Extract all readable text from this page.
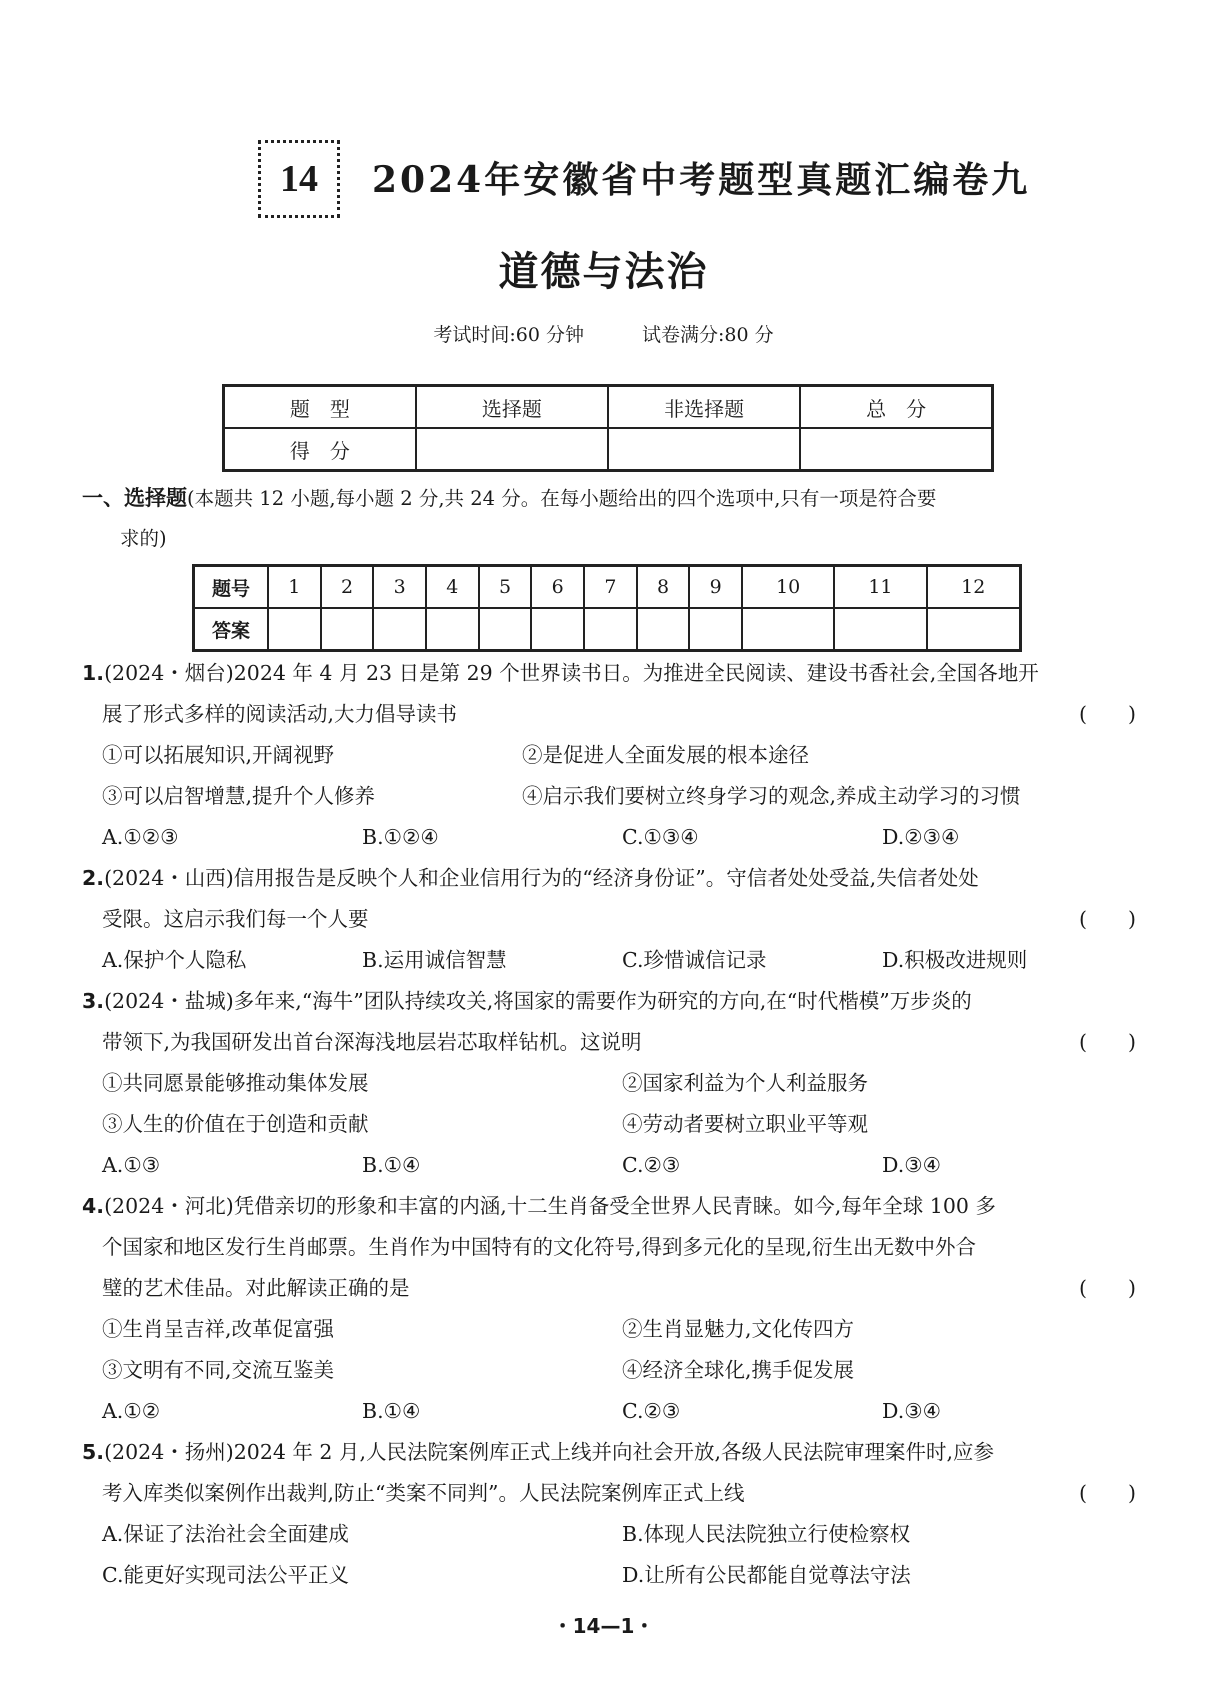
14	2024年安徽省中考题型真题汇编卷九
道德与法治
考试时间:60 分钟	试卷满分:80 分
题　型	选择题	非选择题	总　分
得　分			
一、选择题(本题共 12 小题,每小题 2 分,共 24 分。在每小题给出的四个选项中,只有一项是符合要
求的)
题号	1	2	3	4	5	6	7	8	9	10	11	12
答案												
1.(2024・烟台)2024 年 4 月 23 日是第 29 个世界读书日。为推进全民阅读、建设书香社会,全国各地开
展了形式多样的阅读活动,大力倡导读书	(　　)
①可以拓展知识,开阔视野	②是促进人全面发展的根本途径
③可以启智增慧,提升个人修养	④启示我们要树立终身学习的观念,养成主动学习的习惯
A.①②③	B.①②④	C.①③④	D.②③④
2.(2024・山西)信用报告是反映个人和企业信用行为的“经济身份证”。守信者处处受益,失信者处处
受限。这启示我们每一个人要	(　　)
A.保护个人隐私	B.运用诚信智慧	C.珍惜诚信记录	D.积极改进规则
3.(2024・盐城)多年来,“海牛”团队持续攻关,将国家的需要作为研究的方向,在“时代楷模”万步炎的
带领下,为我国研发出首台深海浅地层岩芯取样钻机。这说明	(　　)
①共同愿景能够推动集体发展	②国家利益为个人利益服务
③人生的价值在于创造和贡献	④劳动者要树立职业平等观
A.①③	B.①④	C.②③	D.③④
4.(2024・河北)凭借亲切的形象和丰富的内涵,十二生肖备受全世界人民青睐。如今,每年全球 100 多
个国家和地区发行生肖邮票。生肖作为中国特有的文化符号,得到多元化的呈现,衍生出无数中外合
璧的艺术佳品。对此解读正确的是	(　　)
①生肖呈吉祥,改革促富强	②生肖显魅力,文化传四方
③文明有不同,交流互鉴美	④经济全球化,携手促发展
A.①②	B.①④	C.②③	D.③④
5.(2024・扬州)2024 年 2 月,人民法院案例库正式上线并向社会开放,各级人民法院审理案件时,应参
考入库类似案例作出裁判,防止“类案不同判”。人民法院案例库正式上线	(　　)
A.保证了法治社会全面建成	B.体现人民法院独立行使检察权
C.能更好实现司法公平正义	D.让所有公民都能自觉尊法守法
・14—1・
